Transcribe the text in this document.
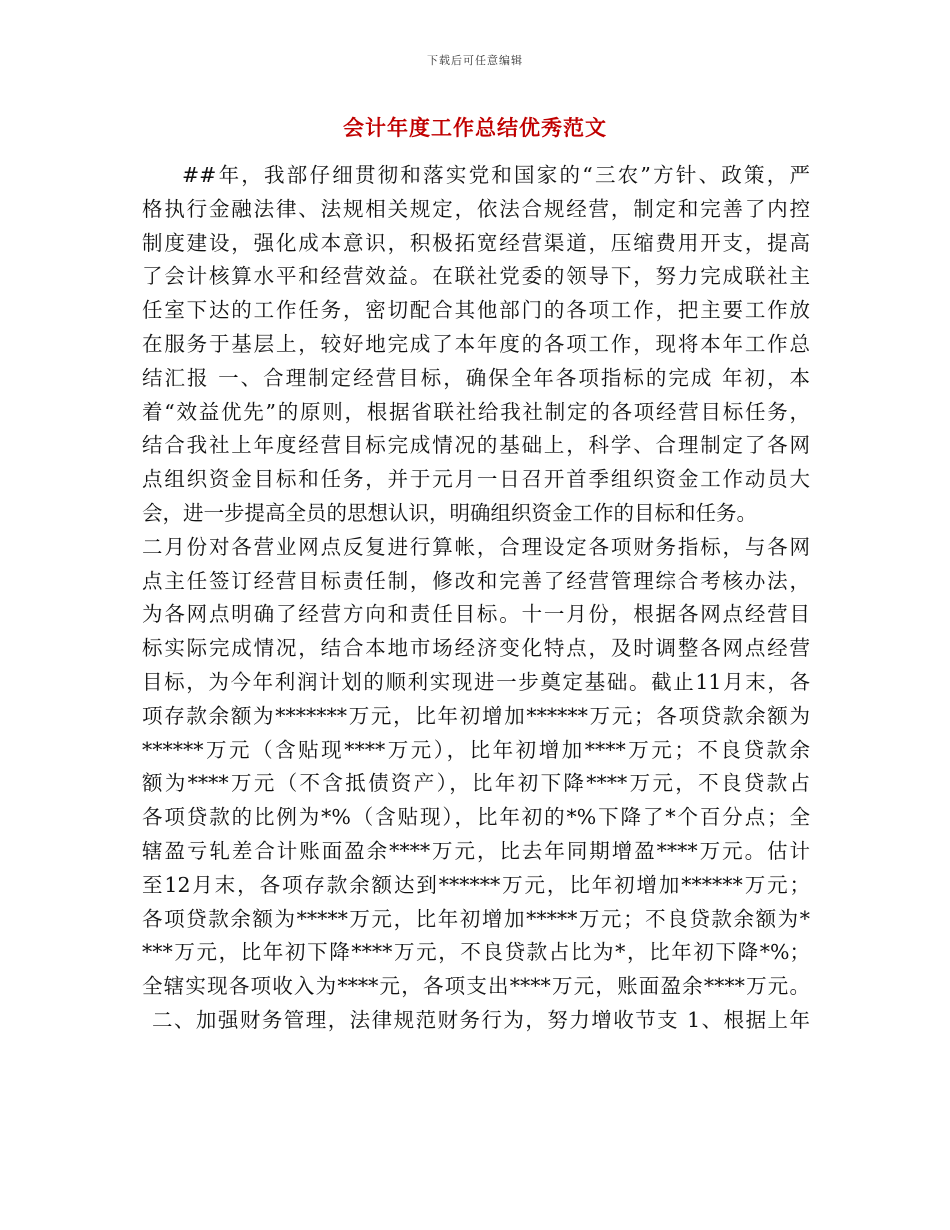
下载后可任意编辑
会计年度工作总结优秀范文
##年，我部仔细贯彻和落实党和国家的“三农”方针、政策，严
格执行金融法律、法规相关规定，依法合规经营，制定和完善了内控
制度建设，强化成本意识，积极拓宽经营渠道，压缩费用开支，提高
了会计核算水平和经营效益。在联社党委的领导下，努力完成联社主
任室下达的工作任务，密切配合其他部门的各项工作，把主要工作放
在服务于基层上，较好地完成了本年度的各项工作，现将本年工作总
结汇报 一、合理制定经营目标，确保全年各项指标的完成 年初，本
着“效益优先”的原则，根据省联社给我社制定的各项经营目标任务，
结合我社上年度经营目标完成情况的基础上，科学、合理制定了各网
点组织资金目标和任务，并于元月一日召开首季组织资金工作动员大
会，进一步提高全员的思想认识，明确组织资金工作的目标和任务。
二月份对各营业网点反复进行算帐，合理设定各项财务指标，与各网
点主任签订经营目标责任制，修改和完善了经营管理综合考核办法，
为各网点明确了经营方向和责任目标。十一月份，根据各网点经营目
标实际完成情况，结合本地市场经济变化特点，及时调整各网点经营
目标，为今年利润计划的顺利实现进一步奠定基础。截止11月末，各
项存款余额为*******万元，比年初增加******万元；各项贷款余额为
******万元（含贴现****万元），比年初增加****万元；不良贷款余
额为****万元（不含抵债资产），比年初下降****万元，不良贷款占
各项贷款的比例为*%（含贴现），比年初的*%下降了*个百分点；全
辖盈亏轧差合计账面盈余****万元，比去年同期增盈****万元。估计
至12月末，各项存款余额达到******万元，比年初增加******万元；
各项贷款余额为*****万元，比年初增加*****万元；不良贷款余额为*
***万元，比年初下降****万元，不良贷款占比为*，比年初下降*%；
全辖实现各项收入为****元，各项支出****万元，账面盈余****万元。
二、加强财务管理，法律规范财务行为，努力增收节支 1、根据上年
